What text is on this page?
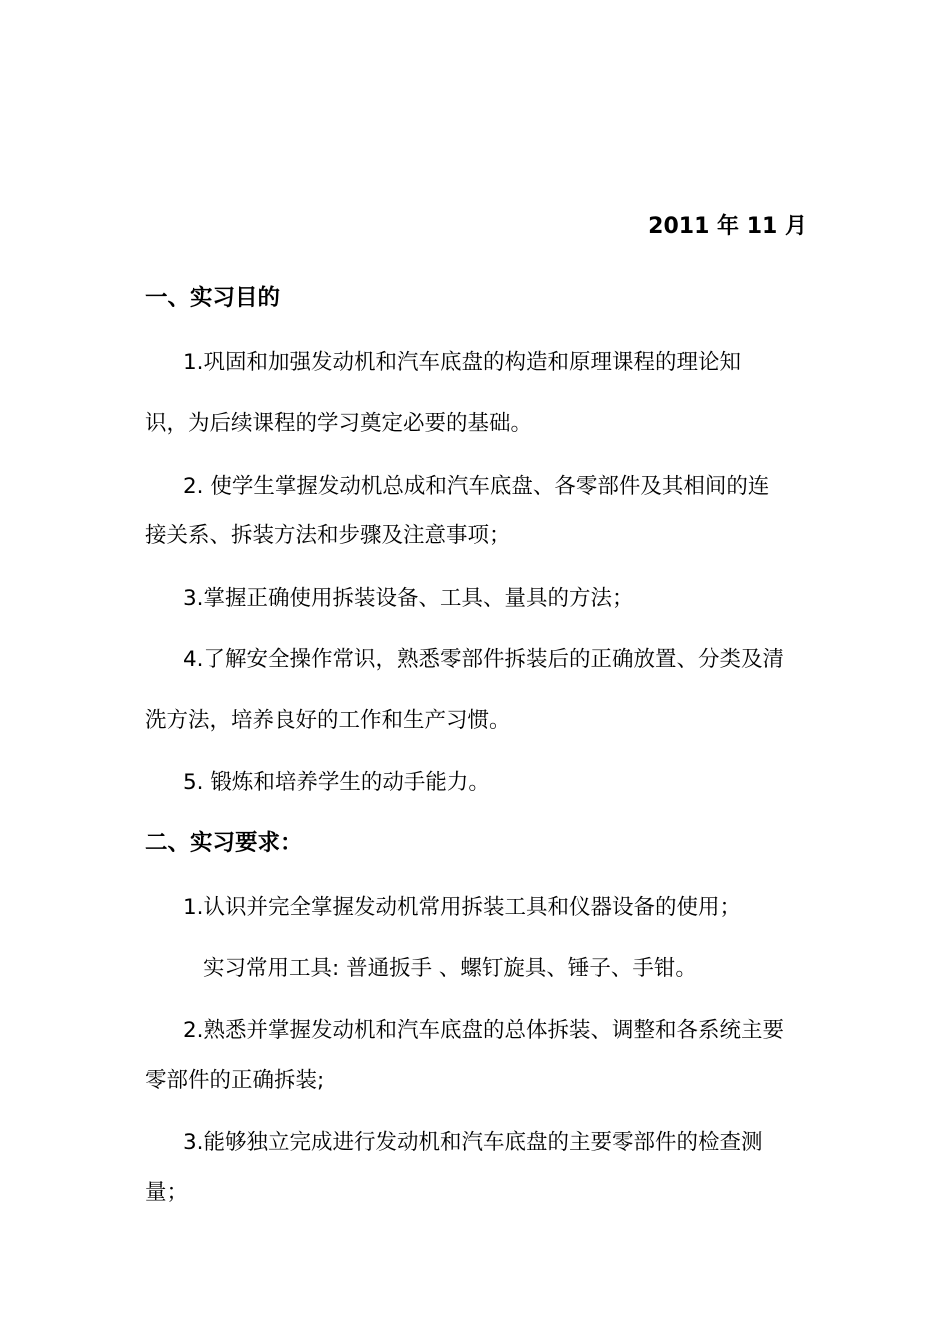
2011 年 11 月
一、实习目的
1.巩固和加强发动机和汽车底盘的构造和原理课程的理论知
识，为后续课程的学习奠定必要的基础。
2. 使学生掌握发动机总成和汽车底盘、各零部件及其相间的连
接关系、拆装方法和步骤及注意事项；
3.掌握正确使用拆装设备、工具、量具的方法；
4.了解安全操作常识，熟悉零部件拆装后的正确放置、分类及清
洗方法，培养良好的工作和生产习惯。
5. 锻炼和培养学生的动手能力。
二、实习要求：
1.认识并完全掌握发动机常用拆装工具和仪器设备的使用；
实习常用工具: 普通扳手 、螺钉旋具、锤子、手钳。
2.熟悉并掌握发动机和汽车底盘的总体拆装、调整和各系统主要
零部件的正确拆装;
3.能够独立完成进行发动机和汽车底盘的主要零部件的检查测
量；
